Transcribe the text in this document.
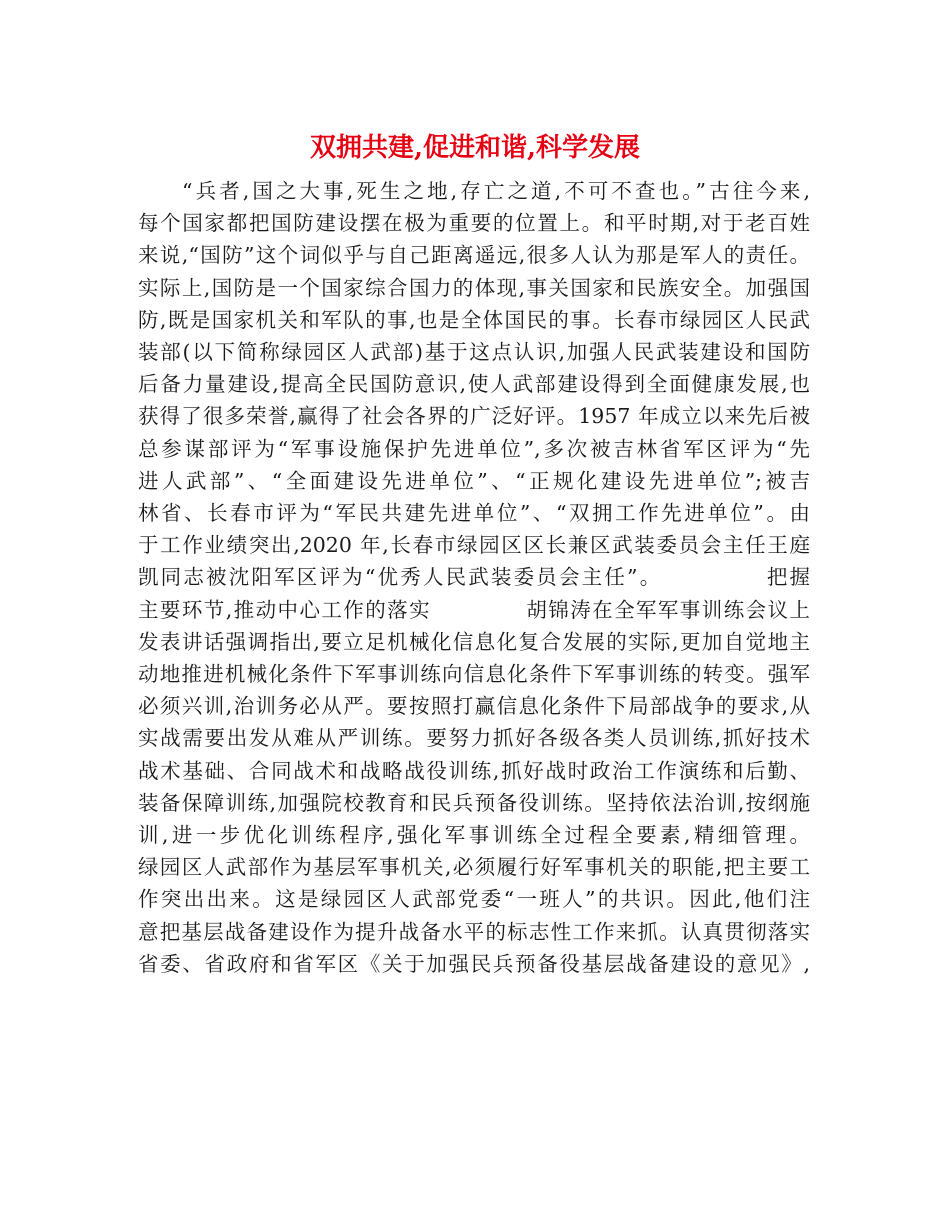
双拥共建,促进和谐,科学发展
“兵者,国之大事,死生之地,存亡之道,不可不查也。”古往今来,
每个国家都把国防建设摆在极为重要的位置上。和平时期,对于老百姓
来说,“国防”这个词似乎与自己距离遥远,很多人认为那是军人的责任。
实际上,国防是一个国家综合国力的体现,事关国家和民族安全。加强国
防,既是国家机关和军队的事,也是全体国民的事。长春市绿园区人民武
装部(以下简称绿园区人武部)基于这点认识,加强人民武装建设和国防
后备力量建设,提高全民国防意识,使人武部建设得到全面健康发展,也
获得了很多荣誉,赢得了社会各界的广泛好评。1957 年成立以来先后被
总参谋部评为“军事设施保护先进单位”,多次被吉林省军区评为“先
进人武部”、“全面建设先进单位”、“正规化建设先进单位”;被吉
林省、长春市评为“军民共建先进单位”、“双拥工作先进单位”。由
于工作业绩突出,2020 年,长春市绿园区区长兼区武装委员会主任王庭
凯同志被沈阳军区评为“优秀人民武装委员会主任”。            把握
主要环节,推动中心工作的落实            胡锦涛在全军军事训练会议上
发表讲话强调指出,要立足机械化信息化复合发展的实际,更加自觉地主
动地推进机械化条件下军事训练向信息化条件下军事训练的转变。强军
必须兴训,治训务必从严。要按照打赢信息化条件下局部战争的要求,从
实战需要出发从难从严训练。要努力抓好各级各类人员训练,抓好技术
战术基础、合同战术和战略战役训练,抓好战时政治工作演练和后勤、
装备保障训练,加强院校教育和民兵预备役训练。坚持依法治训,按纲施
训,进一步优化训练程序,强化军事训练全过程全要素,精细管理。
绿园区人武部作为基层军事机关,必须履行好军事机关的职能,把主要工
作突出出来。这是绿园区人武部党委“一班人”的共识。因此,他们注
意把基层战备建设作为提升战备水平的标志性工作来抓。认真贯彻落实
省委、省政府和省军区《关于加强民兵预备役基层战备建设的意见》,
